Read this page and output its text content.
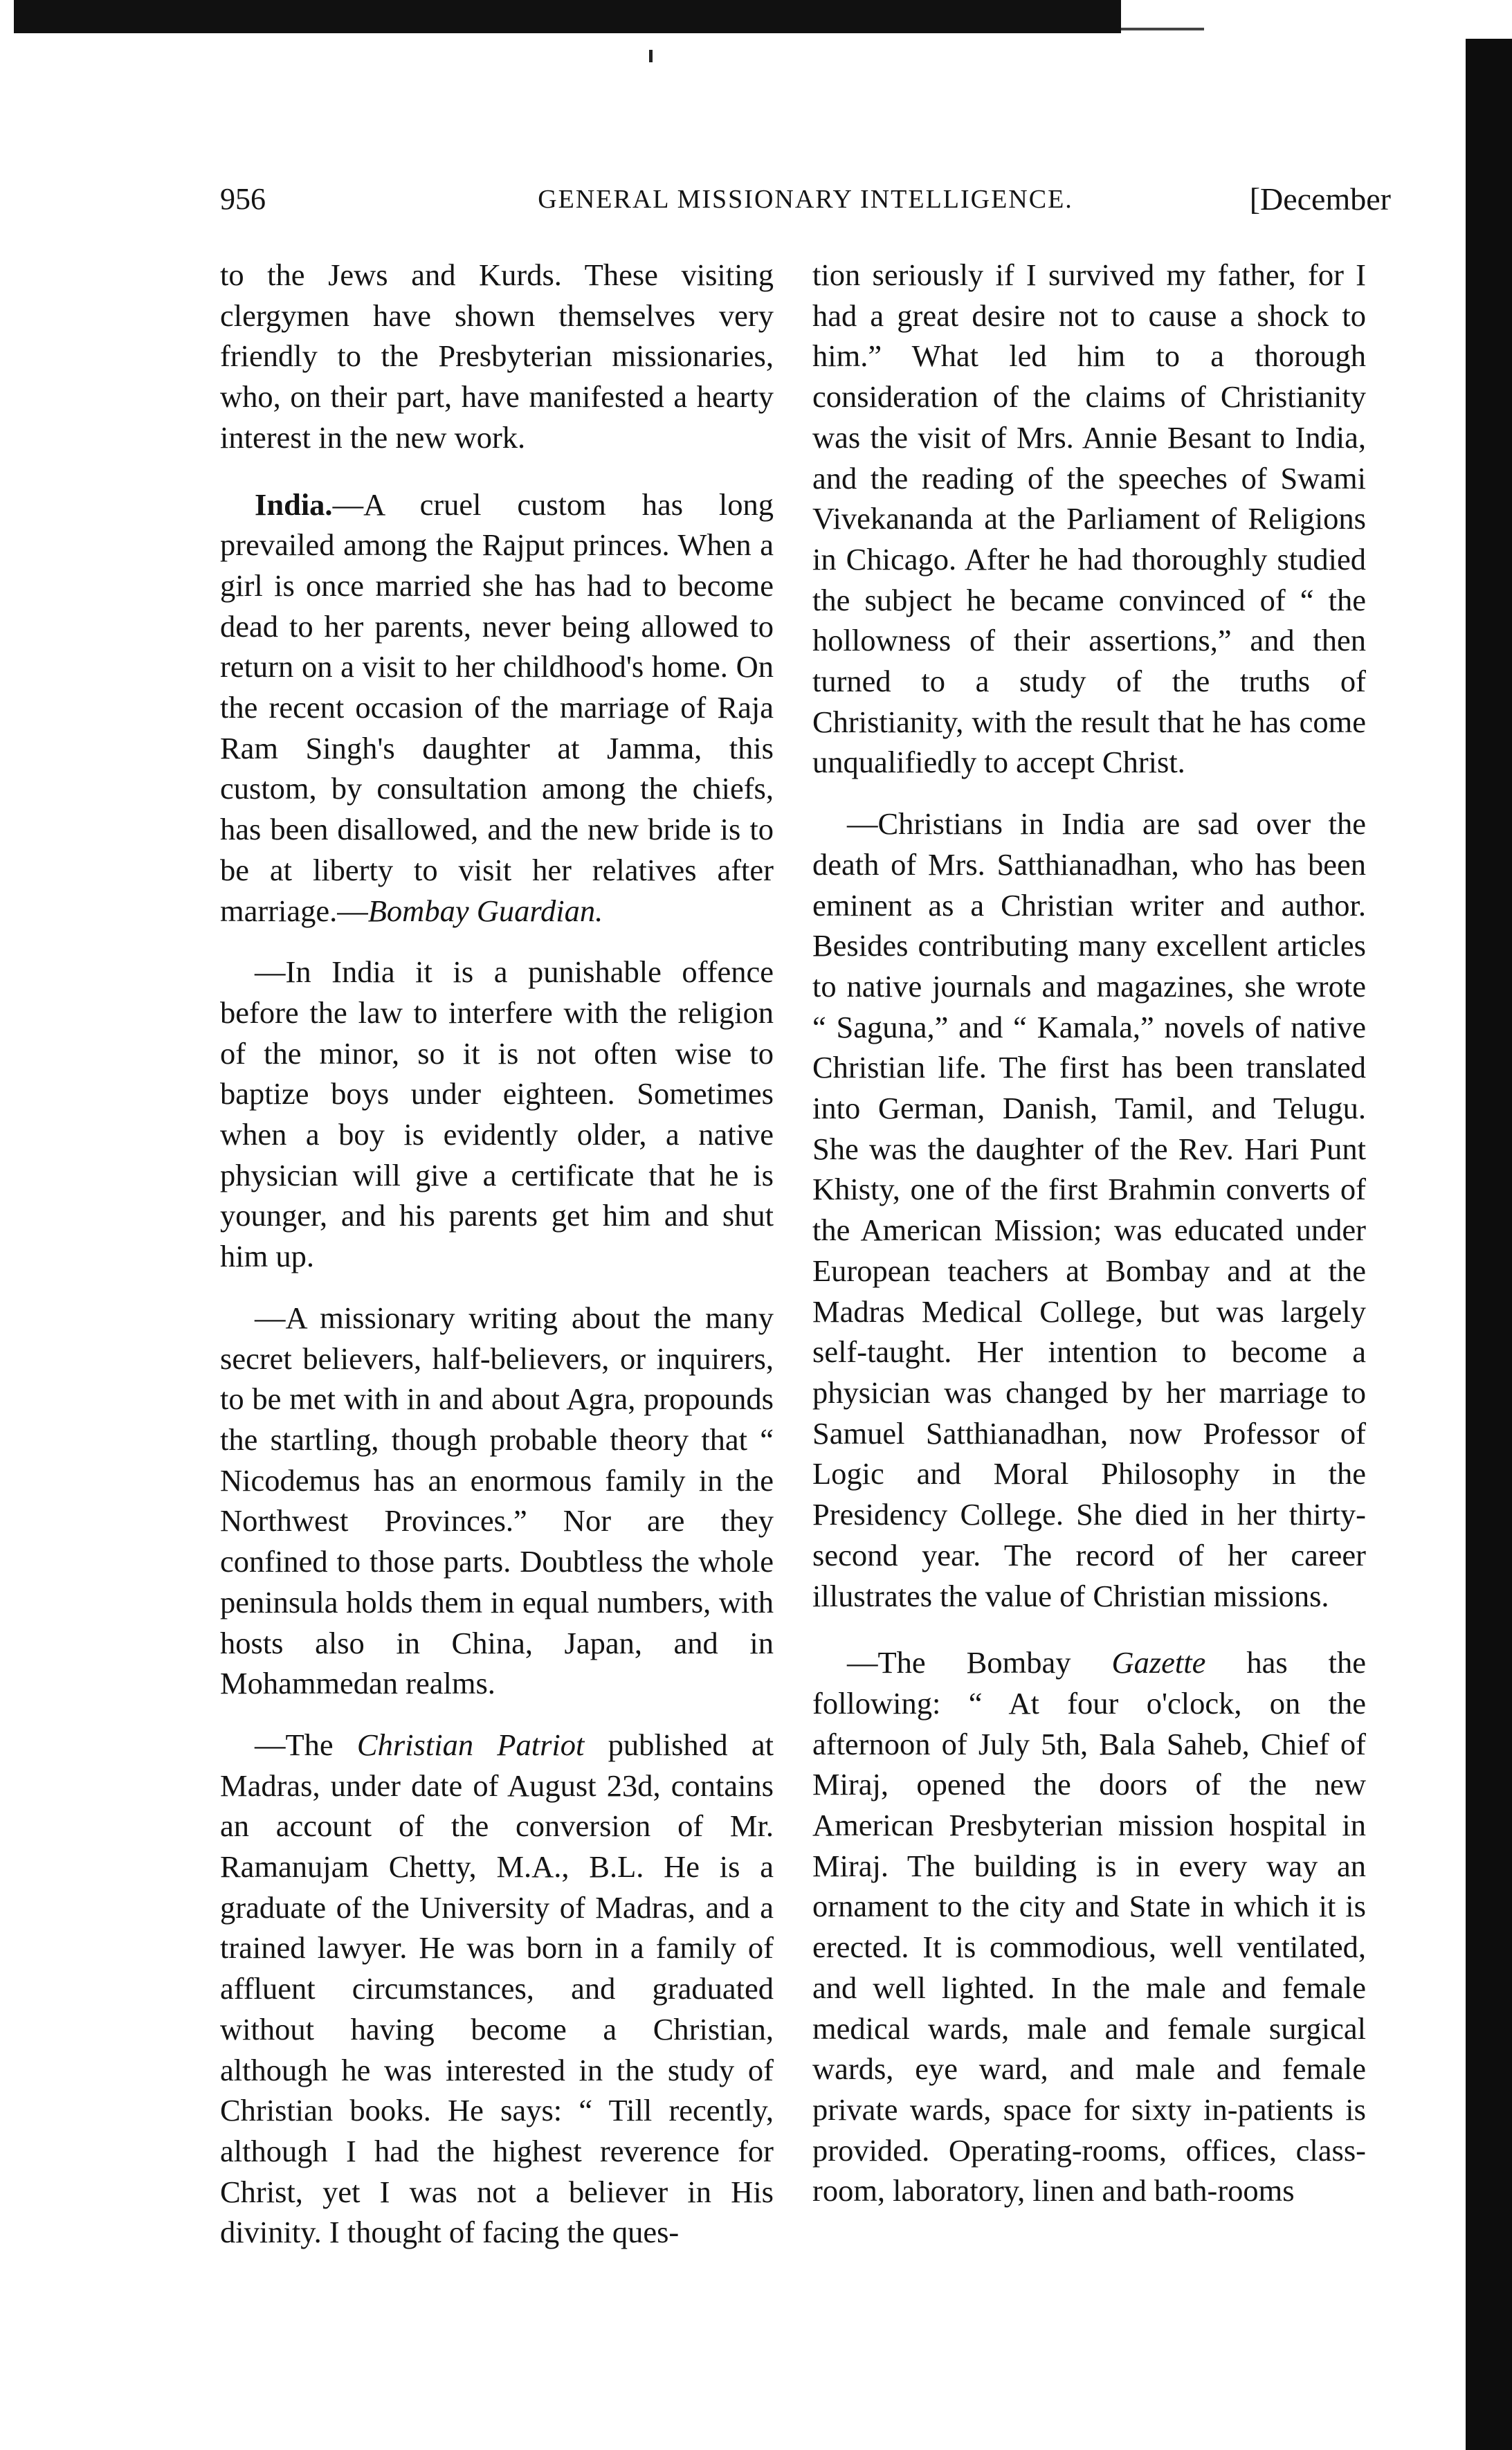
956	GENERAL MISSIONARY INTELLIGENCE.	[December

to the Jews and Kurds. These visiting clergymen have shown themselves very friendly to the Presbyterian missionaries, who, on their part, have manifested a hearty interest in the new work.

India.—A cruel custom has long prevailed among the Rajput princes. When a girl is once married she has had to become dead to her parents, never being allowed to return on a visit to her childhood's home. On the recent occasion of the marriage of Raja Ram Singh's daughter at Jamma, this custom, by consultation among the chiefs, has been disallowed, and the new bride is to be at liberty to visit her relatives after marriage.—Bombay Guardian.

—In India it is a punishable offence before the law to interfere with the religion of the minor, so it is not often wise to baptize boys under eighteen. Sometimes when a boy is evidently older, a native physician will give a certificate that he is younger, and his parents get him and shut him up.

—A missionary writing about the many secret believers, half-believers, or inquirers, to be met with in and about Agra, propounds the startling, though probable theory that “ Nicodemus has an enormous family in the Northwest Provinces.” Nor are they confined to those parts. Doubtless the whole peninsula holds them in equal numbers, with hosts also in China, Japan, and in Mohammedan realms.

—The Christian Patriot published at Madras, under date of August 23d, contains an account of the conversion of Mr. Ramanujam Chetty, M.A., B.L. He is a graduate of the University of Madras, and a trained lawyer. He was born in a family of affluent circumstances, and graduated without having become a Christian, although he was interested in the study of Christian books. He says: “ Till recently, although I had the highest reverence for Christ, yet I was not a believer in His divinity. I thought of facing the ques-

tion seriously if I survived my father, for I had a great desire not to cause a shock to him.” What led him to a thorough consideration of the claims of Christianity was the visit of Mrs. Annie Besant to India, and the reading of the speeches of Swami Vivekananda at the Parliament of Religions in Chicago. After he had thoroughly studied the subject he became convinced of “ the hollowness of their assertions,” and then turned to a study of the truths of Christianity, with the result that he has come unqualifiedly to accept Christ.

—Christians in India are sad over the death of Mrs. Satthianadhan, who has been eminent as a Christian writer and author. Besides contributing many excellent articles to native journals and magazines, she wrote “ Saguna,” and “ Kamala,” novels of native Christian life. The first has been translated into German, Danish, Tamil, and Telugu. She was the daughter of the Rev. Hari Punt Khisty, one of the first Brahmin converts of the American Mission; was educated under European teachers at Bombay and at the Madras Medical College, but was largely self-taught. Her intention to become a physician was changed by her marriage to Samuel Satthianadhan, now Professor of Logic and Moral Philosophy in the Presidency College. She died in her thirty-second year. The record of her career illustrates the value of Christian missions.

—The Bombay Gazette has the following: “ At four o'clock, on the afternoon of July 5th, Bala Saheb, Chief of Miraj, opened the doors of the new American Presbyterian mission hospital in Miraj. The building is in every way an ornament to the city and State in which it is erected. It is commodious, well ventilated, and well lighted. In the male and female medical wards, male and female surgical wards, eye ward, and male and female private wards, space for sixty in-patients is provided. Operating-rooms, offices, class-room, laboratory, linen and bath-rooms
